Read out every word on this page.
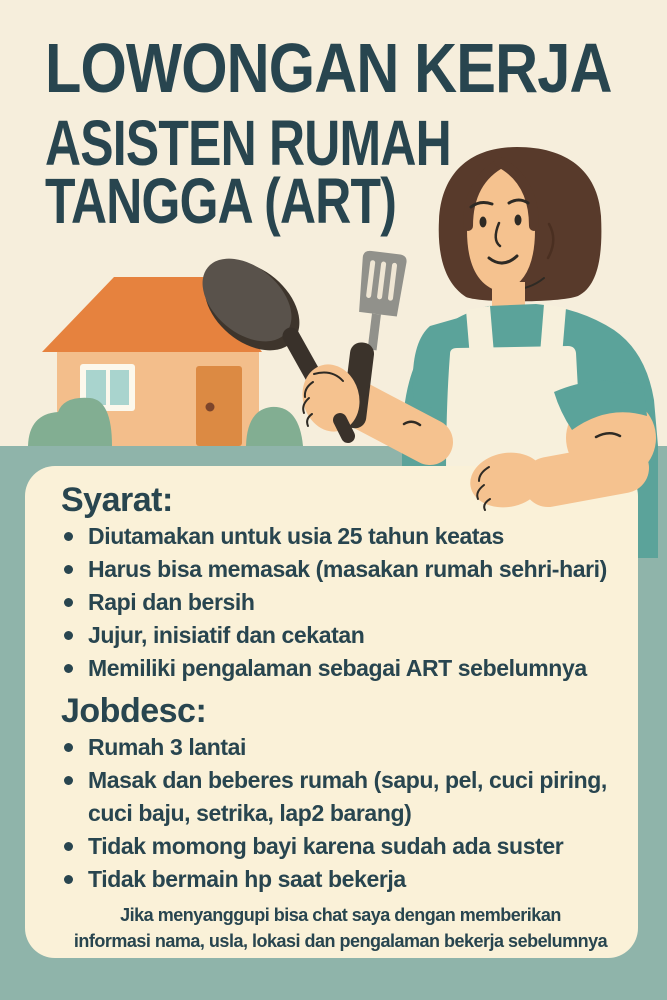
LOWONGAN KERJA
ASISTEN RUMAH
TANGGA (ART)
Syarat:
Diutamakan untuk usia 25 tahun keatas
Harus bisa memasak (masakan rumah sehri-hari)
Rapi dan bersih
Jujur, inisiatif dan cekatan
Memiliki pengalaman sebagai ART sebelumnya
Jobdesc:
Rumah 3 lantai
Masak dan beberes rumah (sapu, pel, cuci piring,
cuci baju, setrika, lap2 barang)
Tidak momong bayi karena sudah ada suster
Tidak bermain hp saat bekerja
Jika menyanggupi bisa chat saya dengan memberikan
informasi nama, usla, lokasi dan pengalaman bekerja sebelumnya
